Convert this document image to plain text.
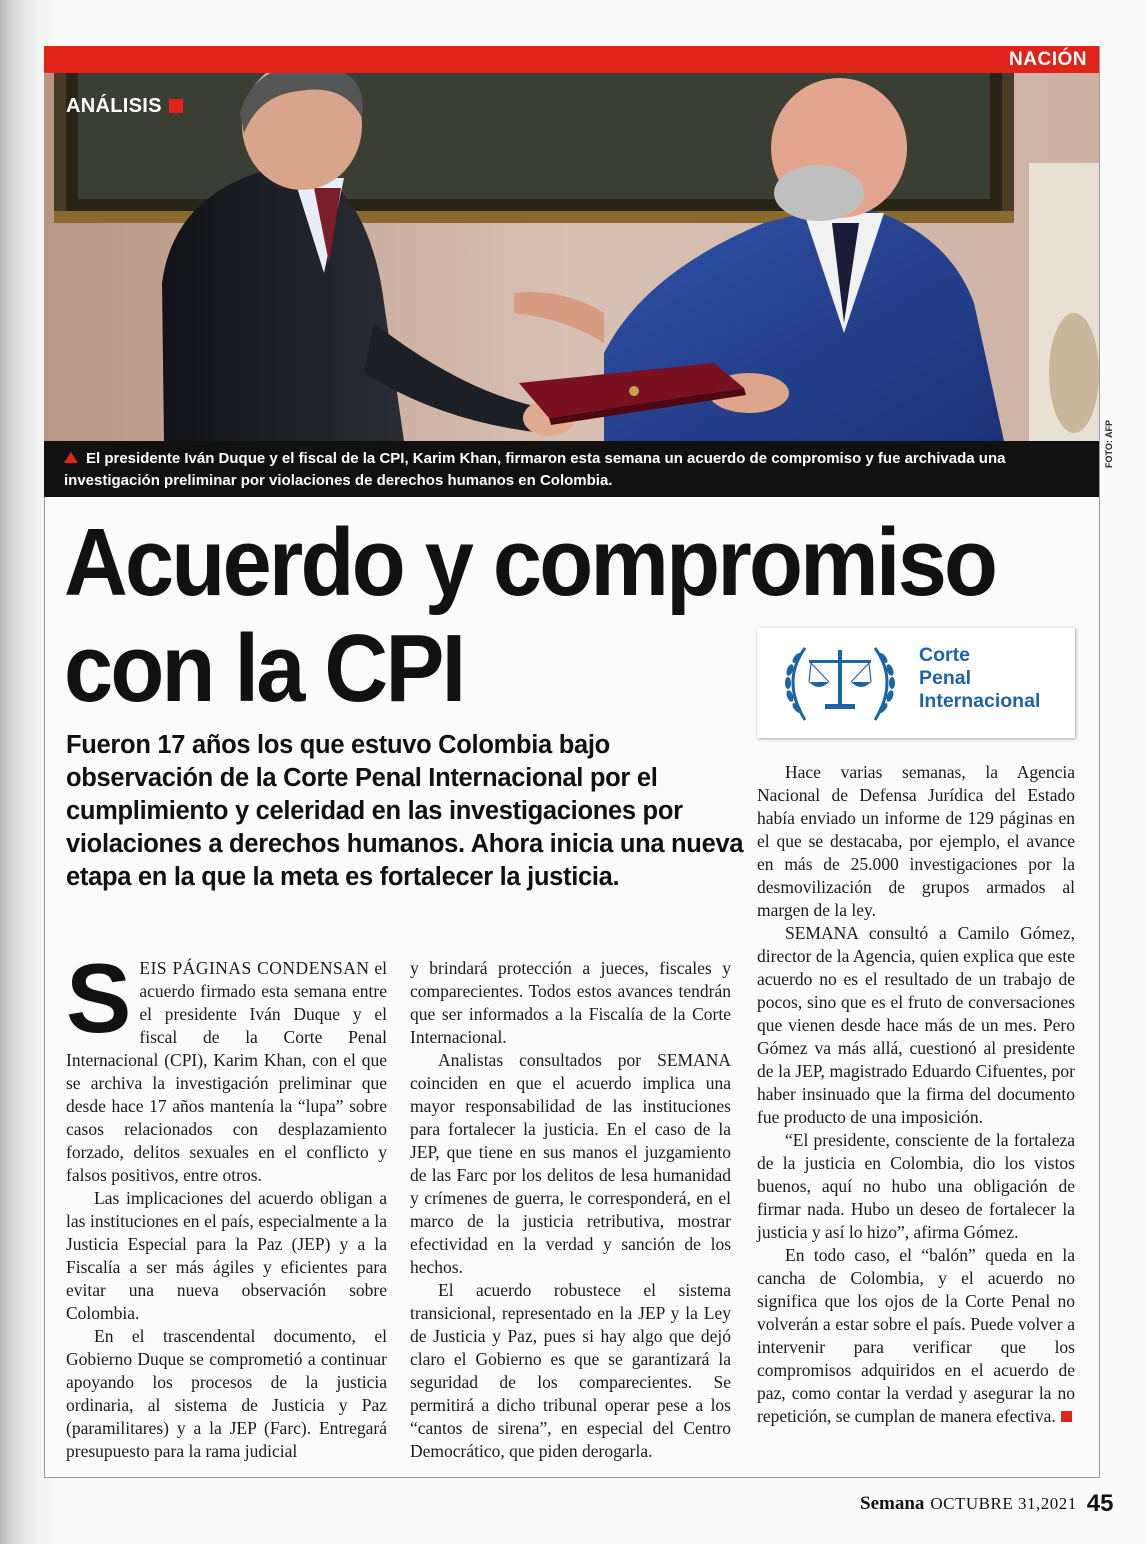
NACIÓN
ANÁLISIS
El presidente Iván Duque y el fiscal de la CPI, Karim Khan, firmaron esta semana un acuerdo de compromiso y fue archivada una investigación preliminar por violaciones de derechos humanos en Colombia.
FOTO: AFP
Acuerdo y compromiso
con la CPI	Corte
Penal
Internacional
Fueron 17 años los que estuvo Colombia bajo observación de la Corte Penal Internacional por el cumplimiento y celeridad en las investigaciones por violaciones a derechos humanos. Ahora inicia una nueva etapa en la que la meta es fortalecer la justicia.

SEIS PÁGINAS CONDENSAN el acuerdo firmado esta semana entre el presidente Iván Duque y el fiscal de la Corte Penal Internacional (CPI), Karim Khan, con el que se archiva la investigación preliminar que desde hace 17 años mantenía la “lupa” sobre casos relacionados con desplazamiento forzado, delitos sexuales en el conflicto y falsos positivos, entre otros.

Las implicaciones del acuerdo obligan a las instituciones en el país, especialmente a la Justicia Especial para la Paz (JEP) y a la Fiscalía a ser más ágiles y eficientes para evitar una nueva observación sobre Colombia.

En el trascendental documento, el Gobierno Duque se comprometió a continuar apoyando los procesos de la justicia ordinaria, al sistema de Justicia y Paz (paramilitares) y a la JEP (Farc). Entregará presupuesto para la rama judicial

y brindará protección a jueces, fiscales y comparecientes. Todos estos avances tendrán que ser informados a la Fiscalía de la Corte Internacional.

Analistas consultados por SEMANA coinciden en que el acuerdo implica una mayor responsabilidad de las instituciones para fortalecer la justicia. En el caso de la JEP, que tiene en sus manos el juzgamiento de las Farc por los delitos de lesa humanidad y crímenes de guerra, le corresponderá, en el marco de la justicia retributiva, mostrar efectividad en la verdad y sanción de los hechos.

El acuerdo robustece el sistema transicional, representado en la JEP y la Ley de Justicia y Paz, pues si hay algo que dejó claro el Gobierno es que se garantizará la seguridad de los comparecientes. Se permitirá a dicho tribunal operar pese a los “cantos de sirena”, en especial del Centro Democrático, que piden derogarla.

Hace varias semanas, la Agencia Nacional de Defensa Jurídica del Estado había enviado un informe de 129 páginas en el que se destacaba, por ejemplo, el avance en más de 25.000 investigaciones por la desmovilización de grupos armados al margen de la ley.

SEMANA consultó a Camilo Gómez, director de la Agencia, quien explica que este acuerdo no es el resultado de un trabajo de pocos, sino que es el fruto de conversaciones que vienen desde hace más de un mes. Pero Gómez va más allá, cuestionó al presidente de la JEP, magistrado Eduardo Cifuentes, por haber insinuado que la firma del documento fue producto de una imposición.

“El presidente, consciente de la fortaleza de la justicia en Colombia, dio los vistos buenos, aquí no hubo una obligación de firmar nada. Hubo un deseo de fortalecer la justicia y así lo hizo”, afirma Gómez.

En todo caso, el “balón” queda en la cancha de Colombia, y el acuerdo no significa que los ojos de la Corte Penal no volverán a estar sobre el país. Puede volver a intervenir para verificar que los compromisos adquiridos en el acuerdo de paz, como contar la verdad y asegurar la no repetición, se cumplan de manera efectiva.

Semana OCTUBRE 31,2021 45
